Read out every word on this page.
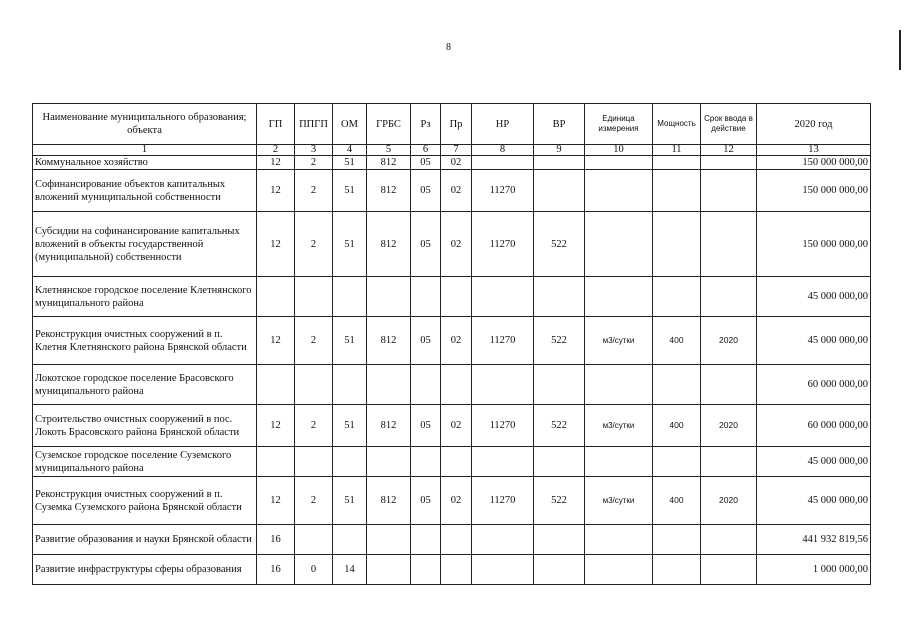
8
Наименование муниципального образования; объекта	ГП	ППГП	ОМ	ГРБС	Рз	Пр	НР	ВР	Единица измерения	Мощность	Срок ввода в действие	2020 год
1	2	3	4	5	6	7	8	9	10	11	12	13
Коммунальное хозяйство	12	2	51	812	05	02						150 000 000,00
Софинансирование объектов капитальных вложений муниципальной собственности	12	2	51	812	05	02	11270					150 000 000,00
Субсидии на софинансирование капитальных вложений в объекты государственной (муниципальной) собственности	12	2	51	812	05	02	11270	522				150 000 000,00
Клетнянское городское поселение Клетнянского муниципального района												45 000 000,00
Реконструкция очистных сооружений в п. Клетня Клетнянского района Брянской области	12	2	51	812	05	02	11270	522	м3/сутки	400	2020	45 000 000,00
Локотское городское поселение Брасовского муниципального района												60 000 000,00
Строительство очистных сооружений в пос. Локоть Брасовского района Брянской области	12	2	51	812	05	02	11270	522	м3/сутки	400	2020	60 000 000,00
Суземское городское поселение Суземского муниципального района												45 000 000,00
Реконструкция очистных сооружений в п. Суземка Суземского района Брянской области	12	2	51	812	05	02	11270	522	м3/сутки	400	2020	45 000 000,00
Развитие образования и науки Брянской области	16											441 932 819,56
Развитие инфраструктуры сферы образования	16	0	14									1 000 000,00
